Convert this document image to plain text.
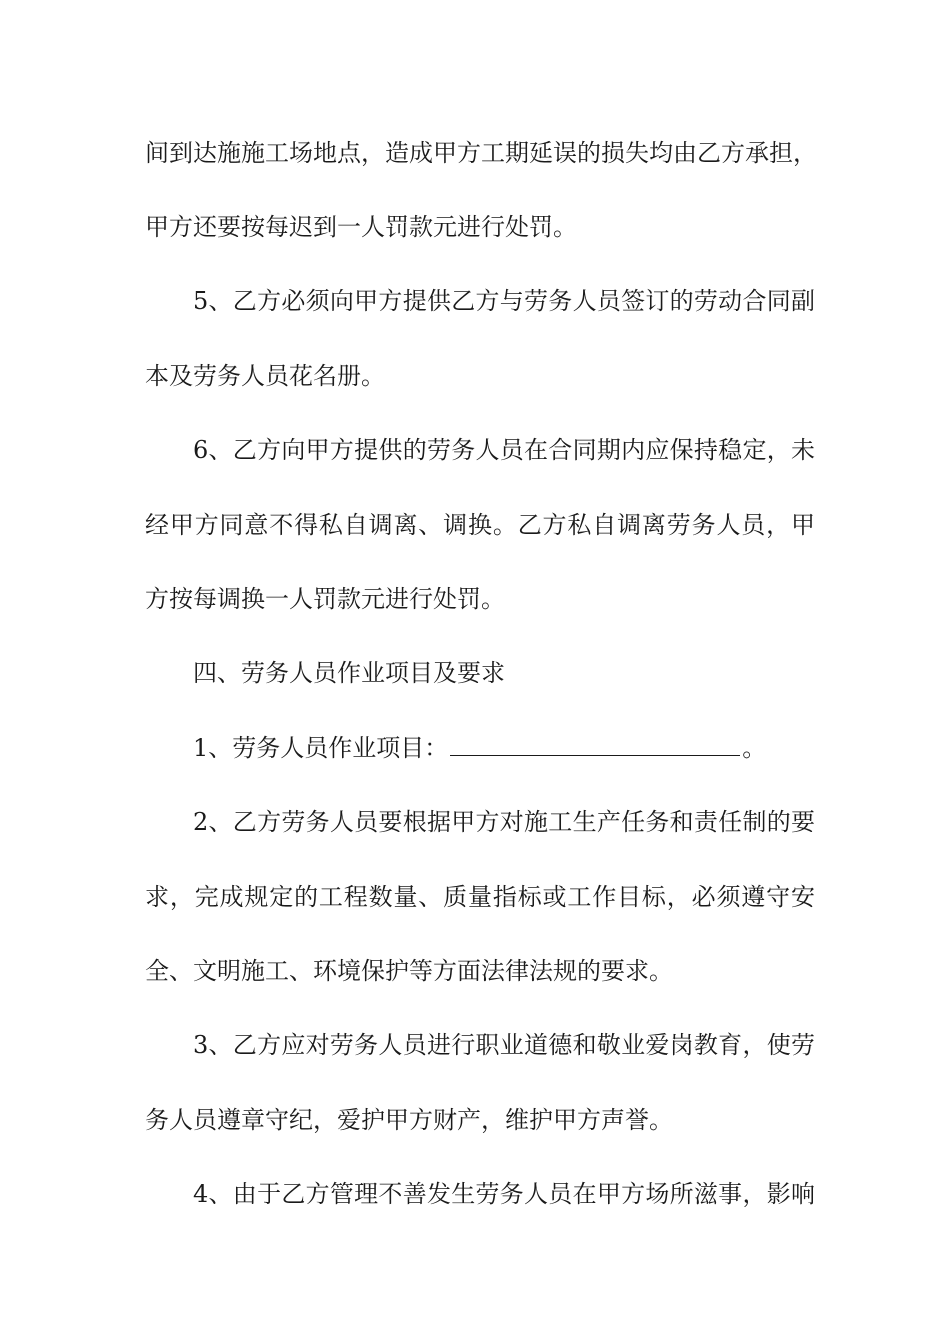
间到达施施工场地点，造成甲方工期延误的损失均由乙方承担，
甲方还要按每迟到一人罚款元进行处罚。
5、乙方必须向甲方提供乙方与劳务人员签订的劳动合同副
本及劳务人员花名册。
6、乙方向甲方提供的劳务人员在合同期内应保持稳定，未
经甲方同意不得私自调离、调换。乙方私自调离劳务人员，甲
方按每调换一人罚款元进行处罚。
四、劳务人员作业项目及要求
1、劳务人员作业项目：	。
2、乙方劳务人员要根据甲方对施工生产任务和责任制的要
求，完成规定的工程数量、质量指标或工作目标，必须遵守安
全、文明施工、环境保护等方面法律法规的要求。
3、乙方应对劳务人员进行职业道德和敬业爱岗教育，使劳
务人员遵章守纪，爱护甲方财产，维护甲方声誉。
4、由于乙方管理不善发生劳务人员在甲方场所滋事，影响
